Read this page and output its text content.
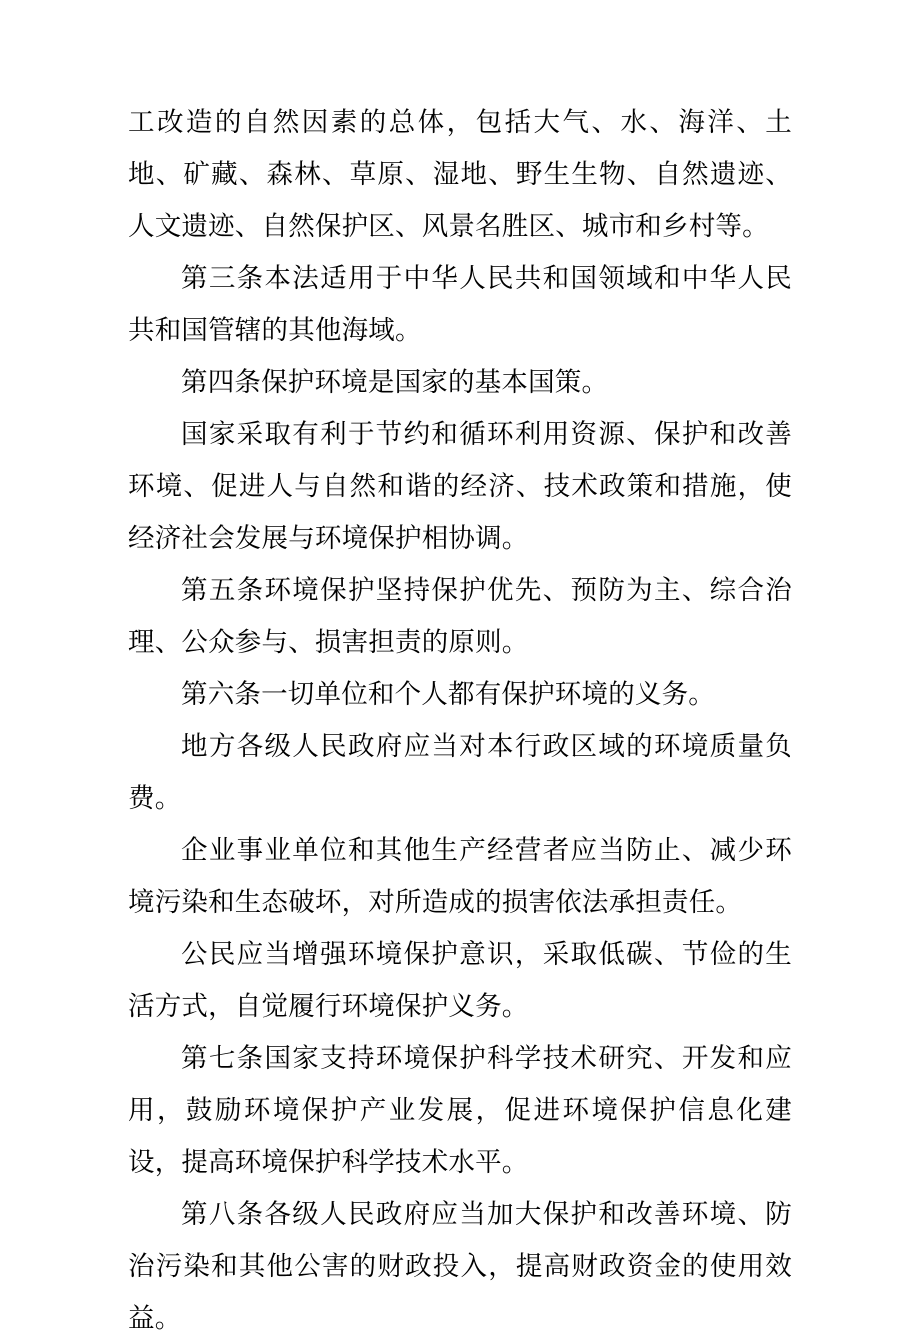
工改造的自然因素的总体，包括大气、水、海洋、土地、矿藏、森林、草原、湿地、野生生物、自然遗迹、人文遗迹、自然保护区、风景名胜区、城市和乡村等。

第三条本法适用于中华人民共和国领域和中华人民共和国管辖的其他海域。

第四条保护环境是国家的基本国策。

国家采取有利于节约和循环利用资源、保护和改善环境、促进人与自然和谐的经济、技术政策和措施，使经济社会发展与环境保护相协调。

第五条环境保护坚持保护优先、预防为主、综合治理、公众参与、损害担责的原则。

第六条一切单位和个人都有保护环境的义务。

地方各级人民政府应当对本行政区域的环境质量负费。

企业事业单位和其他生产经营者应当防止、减少环境污染和生态破坏，对所造成的损害依法承担责任。

公民应当增强环境保护意识，采取低碳、节俭的生活方式，自觉履行环境保护义务。

第七条国家支持环境保护科学技术研究、开发和应用，鼓励环境保护产业发展，促进环境保护信息化建设，提高环境保护科学技术水平。

第八条各级人民政府应当加大保护和改善环境、防治污染和其他公害的财政投入，提高财政资金的使用效益。
